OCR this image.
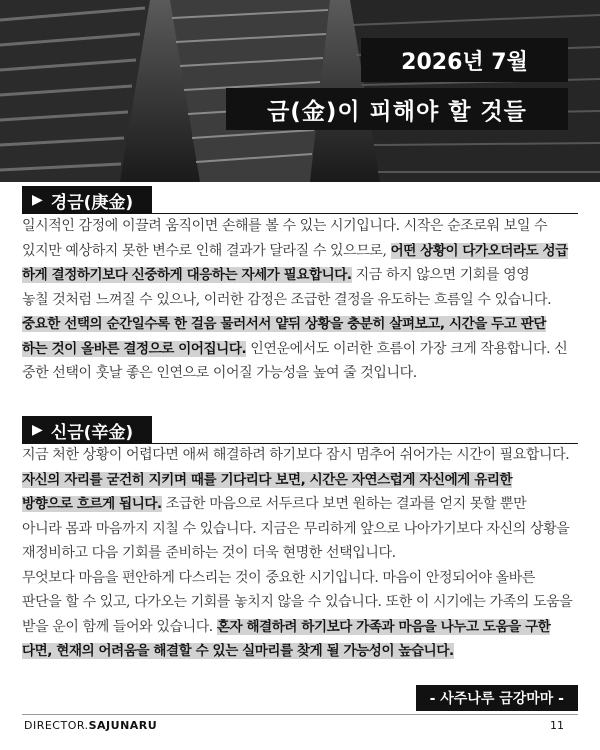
2026년 7월
금(金)이 피해야 할 것들
▶ 경금(庚金)
일시적인 감정에 이끌려 움직이면 손해를 볼 수 있는 시기입니다. 시작은 순조로워 보일 수
있지만 예상하지 못한 변수로 인해 결과가 달라질 수 있으므로, 어떤 상황이 다가오더라도 성급
하게 결정하기보다 신중하게 대응하는 자세가 필요합니다. 지금 하지 않으면 기회를 영영
놓칠 것처럼 느껴질 수 있으나, 이러한 감정은 조급한 결정을 유도하는 흐름일 수 있습니다.
중요한 선택의 순간일수록 한 걸음 물러서서 얕뒤 상황을 충분히 살펴보고, 시간을 두고 판단
하는 것이 올바른 결정으로 이어집니다. 인연운에서도 이러한 흐름이 가장 크게 작용합니다. 신
중한 선택이 훗날 좋은 인연으로 이어질 가능성을 높여 줄 것입니다.
▶ 신금(辛金)
지금 처한 상황이 어렵다면 애써 해결하려 하기보다 잠시 멈추어 쉬어가는 시간이 필요합니다.
자신의 자리를 굳건히 지키며 때를 기다리다 보면, 시간은 자연스럽게 자신에게 유리한
방향으로 흐르게 됩니다. 조급한 마음으로 서두르다 보면 원하는 결과를 얻지 못할 뿐만
아니라 몸과 마음까지 지칠 수 있습니다. 지금은 무리하게 앞으로 나아가기보다 자신의 상황을
재정비하고 다음 기회를 준비하는 것이 더욱 현명한 선택입니다.
무엇보다 마음을 편안하게 다스리는 것이 중요한 시기입니다. 마음이 안정되어야 올바른
판단을 할 수 있고, 다가오는 기회를 놓치지 않을 수 있습니다. 또한 이 시기에는 가족의 도움을
받을 운이 함께 들어와 있습니다. 혼자 해결하려 하기보다 가족과 마음을 나누고 도움을 구한
다면, 현재의 어려움을 해결할 수 있는 실마리를 찾게 될 가능성이 높습니다.
- 사주나루 금강마마 -
DIRECTOR.SAJUNARU	11
